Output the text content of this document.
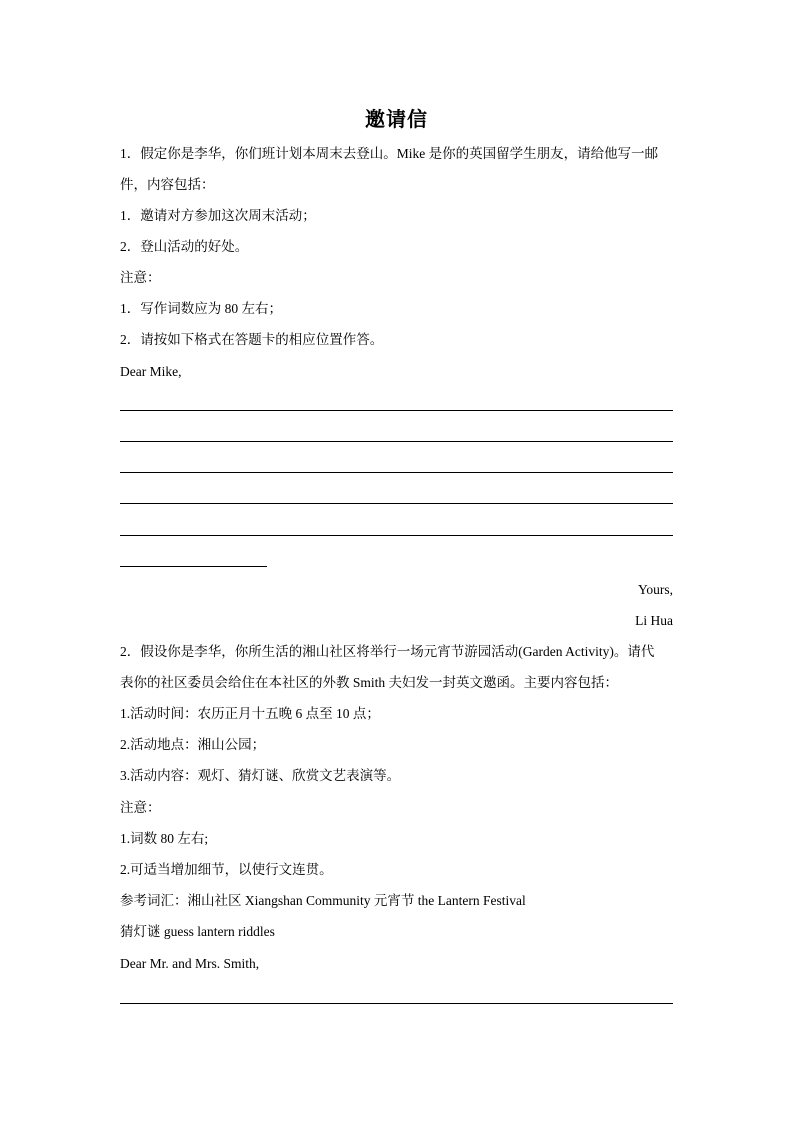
邀请信
1．假定你是李华，你们班计划本周末去登山。Mike 是你的英国留学生朋友，请给他写一邮
件，内容包括：
1．邀请对方参加这次周末活动；
2．登山活动的好处。
注意：
1．写作词数应为 80 左右；
2．请按如下格式在答题卡的相应位置作答。
Dear Mike,
Yours,
Li Hua
2．假设你是李华，你所生活的湘山社区将举行一场元宵节游园活动(Garden Activity)。请代
表你的社区委员会给住在本社区的外教 Smith 夫妇发一封英文邀函。主要内容包括：
1.活动时间：农历正月十五晚 6 点至 10 点；
2.活动地点：湘山公园；
3.活动内容：观灯、猜灯谜、欣赏文艺表演等。
注意：
1.词数 80 左右;
2.可适当增加细节，以使行文连贯。
参考词汇：湘山社区 Xiangshan Community 元宵节 the Lantern Festival
猜灯谜 guess lantern riddles
Dear Mr. and Mrs. Smith,
